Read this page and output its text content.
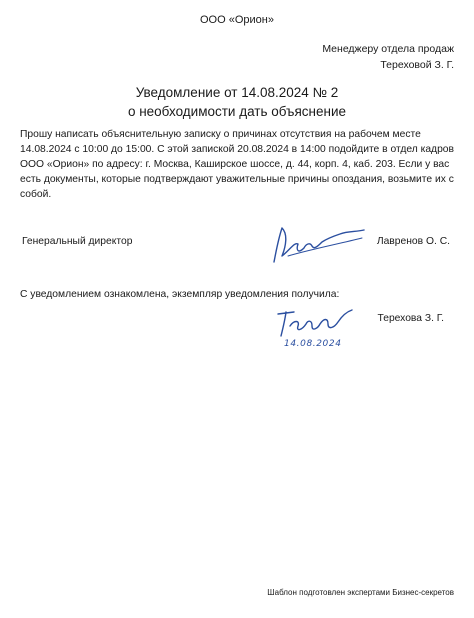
ООО «Орион»
Менеджеру отдела продаж
Тереховой З. Г.
Уведомление от 14.08.2024 № 2
о необходимости дать объяснение
Прошу написать объяснительную записку о причинах отсутствия на рабочем месте 14.08.2024 с 10:00 до 15:00. С этой запиской 20.08.2024 в 14:00 подойдите в отдел кадров ООО «Орион» по адресу: г. Москва, Каширское шоссе, д. 44, корп. 4, каб. 203. Если у вас есть документы, которые подтверждают уважительные причины опоздания, возьмите их с собой.
Генеральный директор	Лавренов О. С.
С уведомлением ознакомлена, экземпляр уведомления получила:
Терехова З. Г.
14.08.2024
Шаблон подготовлен экспертами Бизнес-секретов
